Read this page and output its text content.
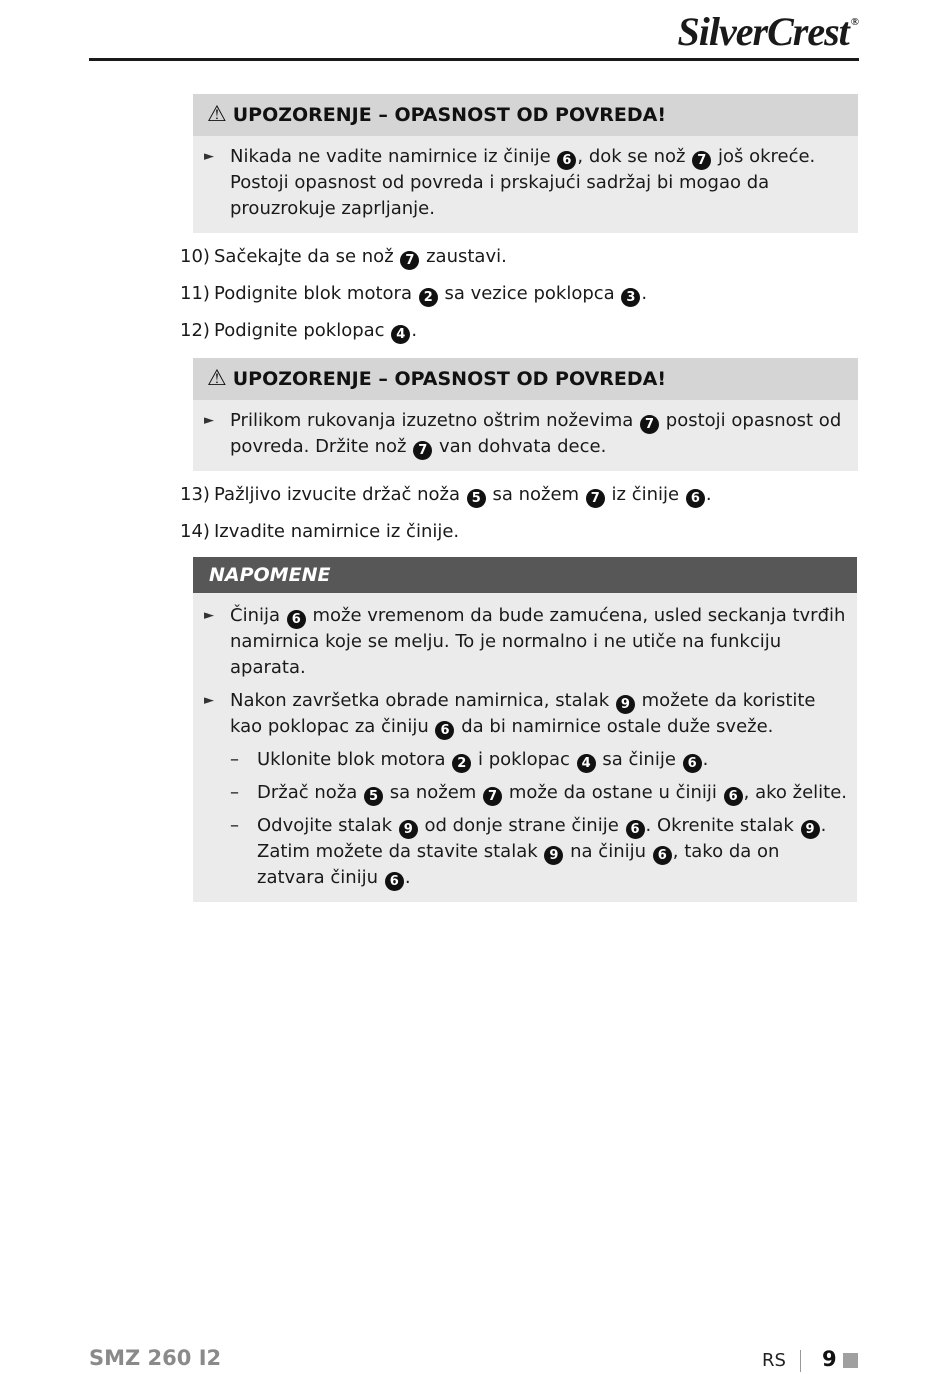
SilverCrest ®
⚠ UPOZORENJE – OPASNOST OD POVREDA!
► Nikada ne vadite namirnice iz činije 6 , dok se nož 7 još okreće. Postoji opasnost od povreda i prskajući sadržaj bi mogao da prouzrokuje zaprljanje.
10) Sačekajte da se nož 7 zaustavi.
11) Podignite blok motora 2 sa vezice poklopca 3 .
12) Podignite poklopac 4 .
⚠ UPOZORENJE – OPASNOST OD POVREDA!
► Prilikom rukovanja izuzetno oštrim noževima 7 postoji opasnost od povreda. Držite nož 7 van dohvata dece.
13) Pažljivo izvucite držač noža 5 sa nožem 7 iz činije 6 .
14) Izvadite namirnice iz činije.
NAPOMENE
► Činija 6 može vremenom da bude zamućena, usled seckanja tvrđih namirnica koje se melju. To je normalno i ne utiče na funkciju aparata.
► Nakon završetka obrade namirnica, stalak 9 možete da koristite kao poklopac za činiju 6 da bi namirnice ostale duže sveže.
– Uklonite blok motora 2 i poklopac 4 sa činije 6 .
– Držač noža 5 sa nožem 7 može da ostane u činiji 6 , ako želite.
– Odvojite stalak 9 od donje strane činije 6 . Okrenite stalak 9 . Zatim možete da stavite stalak 9 na činiju 6 , tako da on zatvara činiju 6 .
SMZ 260 I2	RS 9
